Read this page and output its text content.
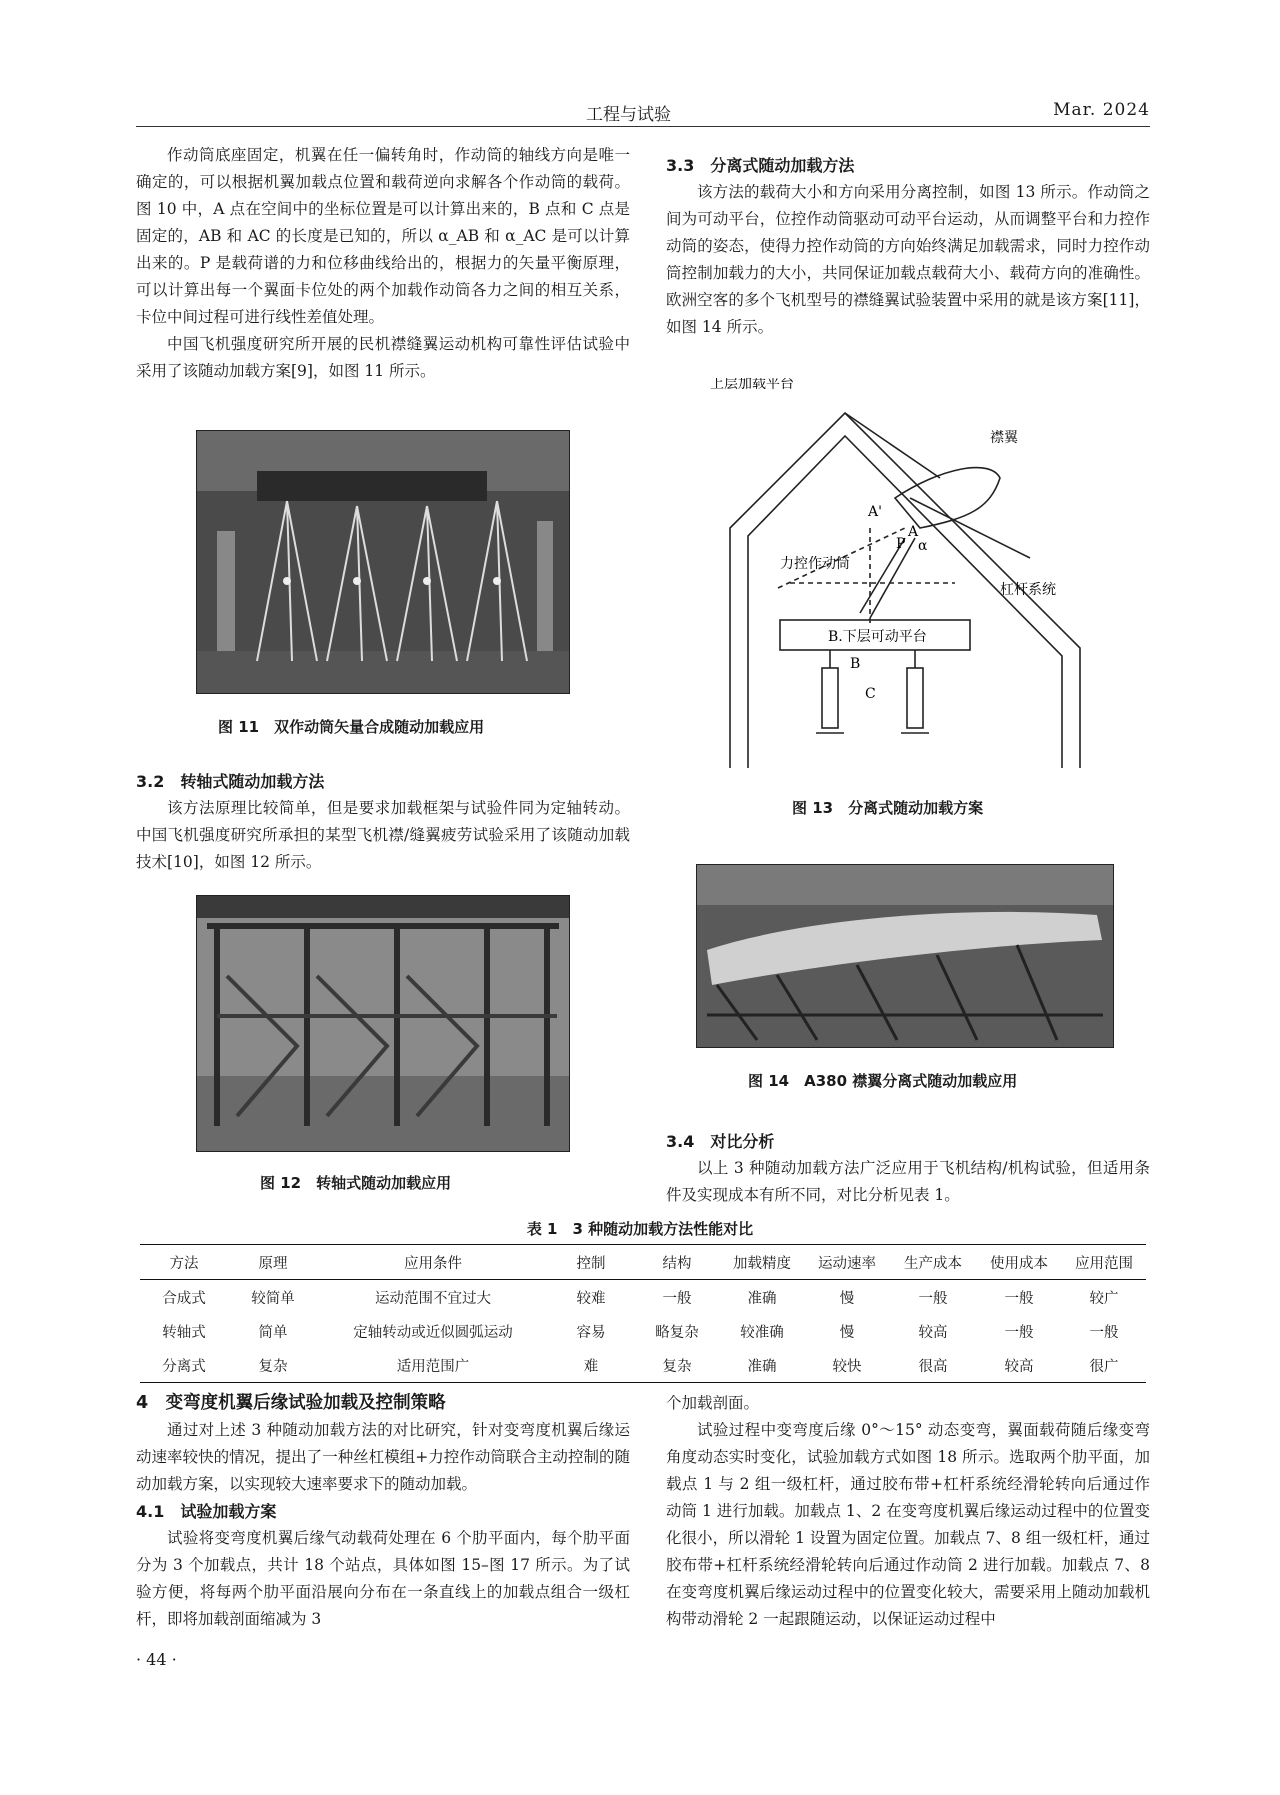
工程与试验	Mar. 2024

作动筒底座固定，机翼在任一偏转角时，作动筒的轴线方向是唯一确定的，可以根据机翼加载点位置和载荷逆向求解各个作动筒的载荷。图 10 中，A 点在空间中的坐标位置是可以计算出来的，B 点和 C 点是固定的，AB 和 AC 的长度是已知的，所以 α_AB 和 α_AC 是可以计算出来的。P 是载荷谱的力和位移曲线给出的，根据力的矢量平衡原理，可以计算出每一个翼面卡位处的两个加载作动筒各力之间的相互关系，卡位中间过程可进行线性差值处理。

中国飞机强度研究所开展的民机襟缝翼运动机构可靠性评估试验中采用了该随动加载方案[9]，如图 11 所示。

图 11　双作动筒矢量合成随动加载应用
3.2　转轴式随动加载方法

该方法原理比较简单，但是要求加载框架与试验件同为定轴转动。中国飞机强度研究所承担的某型飞机襟/缝翼疲劳试验采用了该随动加载技术[10]，如图 12 所示。

图 12　转轴式随动加载应用
3.3　分离式随动加载方法

该方法的载荷大小和方向采用分离控制，如图 13 所示。作动筒之间为可动平台，位控作动筒驱动可动平台运动，从而调整平台和力控作动筒的姿态，使得力控作动筒的方向始终满足加载需求，同时力控作动筒控制加载力的大小，共同保证加载点载荷大小、载荷方向的准确性。欧洲空客的多个飞机型号的襟缝翼试验装置中采用的就是该方案[11]，如图 14 所示。

A'
A
P α
上层加载平台
襟翼
杠杆系统
力控作动筒
B.下层可动平台
B
C
图 13　分离式随动加载方案
图 14　A380 襟翼分离式随动加载应用
3.4　对比分析

以上 3 种随动加载方法广泛应用于飞机结构/机构试验，但适用条件及实现成本有所不同，对比分析见表 1。

表 1　3 种随动加载方法性能对比
方法	原理	应用条件	控制	结构	加载精度	运动速率	生产成本	使用成本	应用范围
合成式	较简单	运动范围不宜过大	较难	一般	准确	慢	一般	一般	较广
转轴式	简单	定轴转动或近似圆弧运动	容易	略复杂	较准确	慢	较高	一般	一般
分离式	复杂	适用范围广	难	复杂	准确	较快	很高	较高	很广
4　变弯度机翼后缘试验加载及控制策略

通过对上述 3 种随动加载方法的对比研究，针对变弯度机翼后缘运动速率较快的情况，提出了一种丝杠模组+力控作动筒联合主动控制的随动加载方案，以实现较大速率要求下的随动加载。

4.1　试验加载方案

试验将变弯度机翼后缘气动载荷处理在 6 个肋平面内，每个肋平面分为 3 个加载点，共计 18 个站点，具体如图 15–图 17 所示。为了试验方便，将每两个肋平面沿展向分布在一条直线上的加载点组合一级杠杆，即将加载剖面缩减为 3

个加载剖面。

试验过程中变弯度后缘 0°～15° 动态变弯，翼面载荷随后缘变弯角度动态实时变化，试验加载方式如图 18 所示。选取两个肋平面，加载点 1 与 2 组一级杠杆，通过胶布带+杠杆系统经滑轮转向后通过作动筒 1 进行加载。加载点 1、2 在变弯度机翼后缘运动过程中的位置变化很小，所以滑轮 1 设置为固定位置。加载点 7、8 组一级杠杆，通过胶布带+杠杆系统经滑轮转向后通过作动筒 2 进行加载。加载点 7、8 在变弯度机翼后缘运动过程中的位置变化较大，需要采用上随动加载机构带动滑轮 2 一起跟随运动，以保证运动过程中

· 44 ·
